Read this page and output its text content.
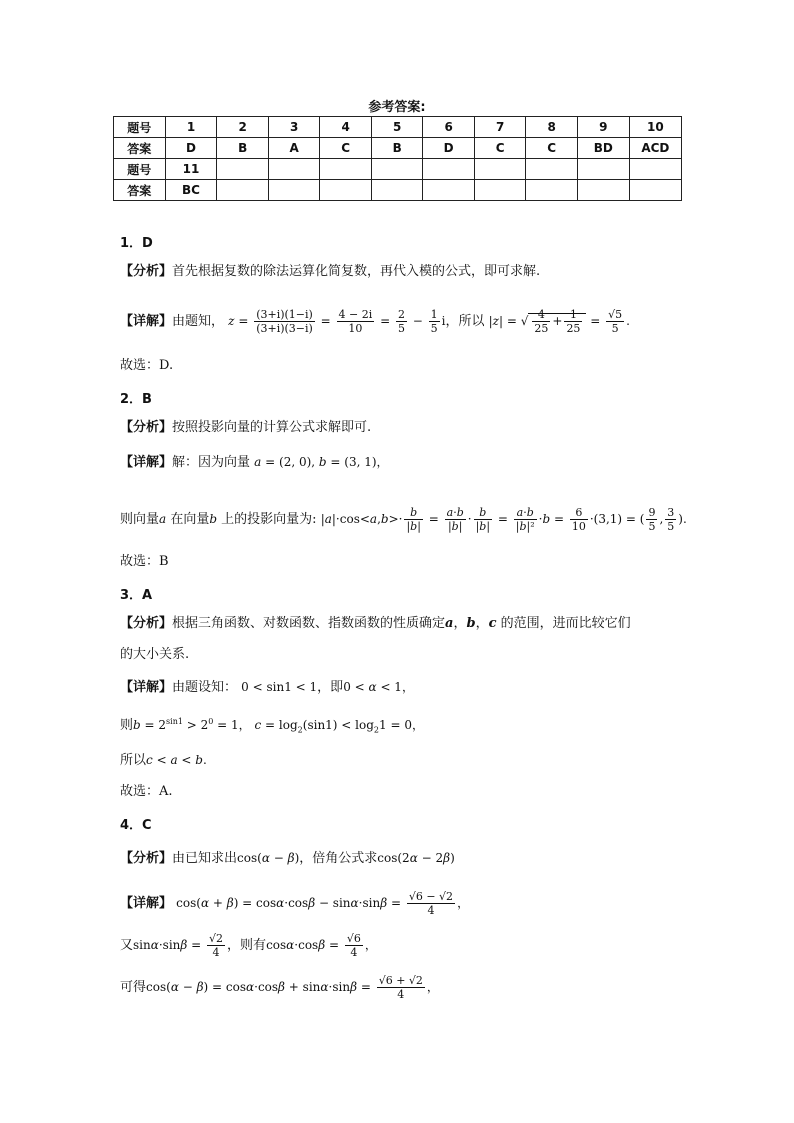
参考答案:
题号	1	2	3	4	5	6	7	8	9	10
答案	D	B	A	C	B	D	C	C	BD	ACD
题号	11									
答案	BC									
1．D
【分析】首先根据复数的除法运算化简复数，再代入模的公式，即可求解.
【详解】由题知， $z = \frac{(3+i)(1-i)}{(3+i)(3-i)} = \frac{4 - 2i}{10} = \frac{2}{5} - \frac{1}{5}$ i，所以 |z| = √ $\frac{4}{25} + \frac{1}{25} = \frac{√5}{5}$ .
故选：D.
2．B
【分析】按照投影向量的计算公式求解即可.
【详解】解：因为向量 a = (2, 0), b = (3, 1)，
则向量a 在向量b 上的投影向量为: $|a|\cdot\cos<a,b>\cdot \frac{b}{|b|} = \frac{a\cdot b}{|b|} \cdot \frac{b}{|b|} = \frac{a\cdot b}{\text{|b|²}} \cdot b = \frac{6}{10} \cdot(3,1)$ = ( $\frac{9}{5}$ , $\frac{3}{5}$ ).
故选：B
3．A
【分析】根据三角函数、对数函数、指数函数的性质确定a，b，c 的范围，进而比较它们
的大小关系.
【详解】由题设知： 0 < sin1 < 1，即0 < α < 1，
则$b = 2^{sin1} > 2^0 = 1$， $c = \log_2(\sin 1) < \log_21 = 0$，
所以c < a < b.
故选：A.
4．C
【分析】由已知求出cos(α − β)，倍角公式求cos(2α − 2β)
【详解】 $\cos(\alpha + \beta) = \cos\alpha\cdot\cos\beta - \sin\alpha\cdot\sin\beta = \frac{√6 - √2}{4}$ ，
又$\sin\alpha\cdot\sin\beta = \frac{√2}{4}$ ，则有$\cos\alpha\cdot\cos\beta = \frac{√6}{4}$ ，
可得$\cos(\alpha - \beta) = \cos\alpha\cdot\cos\beta + \sin\alpha\cdot\sin\beta = \frac{√6 + √2}{4}$ ，
